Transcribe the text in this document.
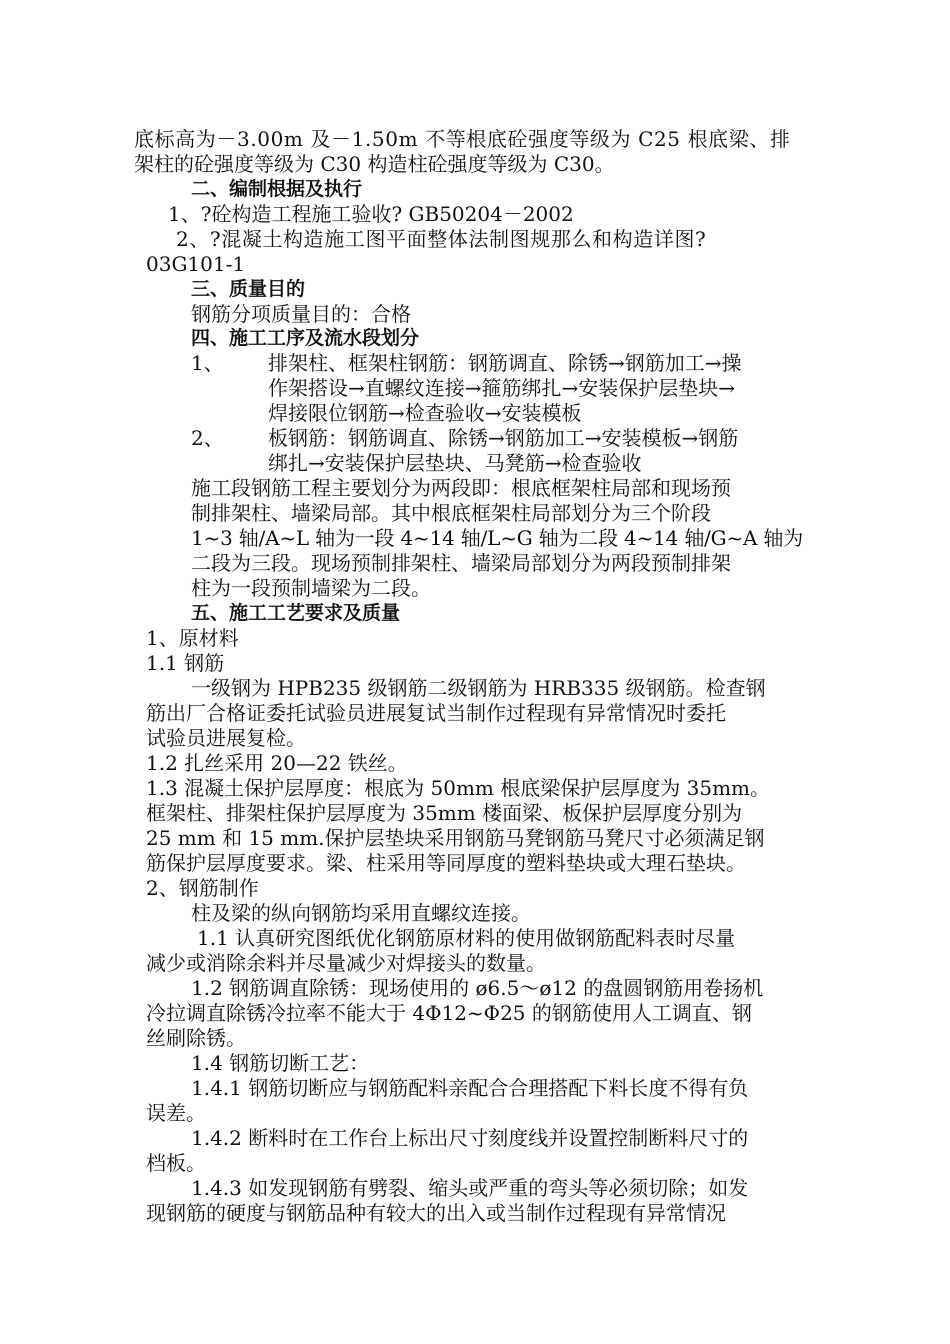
底标高为－3.00m 及－1.50m 不等根底砼强度等级为 C25 根底梁、排
架柱的砼强度等级为 C30 构造柱砼强度等级为 C30。
二、编制根据及执行
1、?砼构造工程施工验收? GB50204－2002
2、?混凝土构造施工图平面整体法制图规那么和构造详图?
03G101-1
三、质量目的
钢筋分项质量目的：合格
四、施工工序及流水段划分
1、 排架柱、框架柱钢筋：钢筋调直、除锈→钢筋加工→操
作架搭设→直螺纹连接→箍筋绑扎→安装保护层垫块→
焊接限位钢筋→检查验收→安装模板
2、 板钢筋：钢筋调直、除锈→钢筋加工→安装模板→钢筋
绑扎→安装保护层垫块、马凳筋→检查验收
施工段钢筋工程主要划分为两段即：根底框架柱局部和现场预
制排架柱、墙梁局部。其中根底框架柱局部划分为三个阶段
1~3 轴/A~L 轴为一段 4~14 轴/L~G 轴为二段 4~14 轴/G~A 轴为
二段为三段。现场预制排架柱、墙梁局部划分为两段预制排架
柱为一段预制墙梁为二段。
五、施工工艺要求及质量
1、原材料
1.1 钢筋
一级钢为 HPB235 级钢筋二级钢筋为 HRB335 级钢筋。检查钢
筋出厂合格证委托试验员进展复试当制作过程现有异常情况时委托
试验员进展复检。
1.2 扎丝采用 20—22 铁丝。
1.3 混凝土保护层厚度：根底为 50mm 根底梁保护层厚度为 35mm。
框架柱、排架柱保护层厚度为 35mm 楼面梁、板保护层厚度分别为
25 mm 和 15 mm.保护层垫块采用钢筋马凳钢筋马凳尺寸必须满足钢
筋保护层厚度要求。梁、柱采用等同厚度的塑料垫块或大理石垫块。
2、钢筋制作
柱及梁的纵向钢筋均采用直螺纹连接。
1.1 认真研究图纸优化钢筋原材料的使用做钢筋配料表时尽量
减少或消除余料并尽量减少对焊接头的数量。
1.2 钢筋调直除锈：现场使用的 ø6.5～ø12 的盘圆钢筋用卷扬机
冷拉调直除锈冷拉率不能大于 4Φ12~Φ25 的钢筋使用人工调直、钢
丝刷除锈。
1.4 钢筋切断工艺：
1.4.1 钢筋切断应与钢筋配料亲配合合理搭配下料长度不得有负
误差。
1.4.2 断料时在工作台上标出尺寸刻度线并设置控制断料尺寸的
档板。
1.4.3 如发现钢筋有劈裂、缩头或严重的弯头等必须切除；如发
现钢筋的硬度与钢筋品种有较大的出入或当制作过程现有异常情况
